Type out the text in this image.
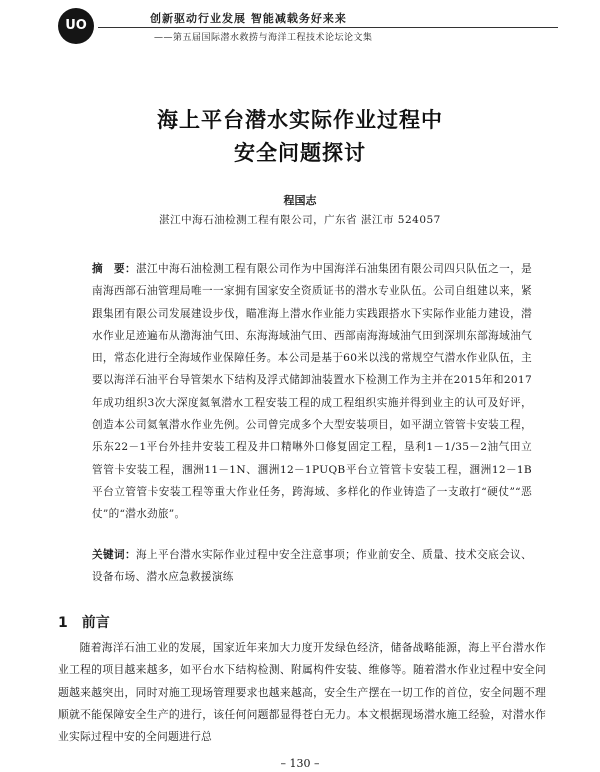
UO	创新驱动行业发展 智能减载务好来来
——第五届国际潜水救捞与海洋工程技术论坛论文集
海上平台潜水实际作业过程中
安全问题探讨
程国志
湛江中海石油检测工程有限公司，广东省 湛江市 524057
摘　要：湛江中海石油检测工程有限公司作为中国海洋石油集团有限公司四只队伍之一，是南海西部石油管理局唯一一家拥有国家安全资质证书的潜水专业队伍。公司自组建以来，紧跟集团有限公司发展建设步伐，瞄准海上潜水作业能力实践跟搭水下实际作业能力建设，潜水作业足迹遍布从渤海油气田、东海海域油气田、西部南海海域油气田到深圳东部海域油气田，常态化进行全海域作业保障任务。本公司是基于60米以浅的常规空气潜水作业队伍，主要以海洋石油平台导管架水下结构及浮式储卸油装置水下检测工作为主并在2015年和2017年成功组织3次大深度氦氧潜水工程安装工程的成工程组织实施并得到业主的认可及好评，创造本公司氦氧潜水作业先例。公司曾完成多个大型安装项目，如平湖立管管卡安装工程，乐东22－1平台外挂井安装工程及井口精啉外口修复固定工程，垦利1－1/35－2油气田立管管卡安装工程，涠洲11－1N、涠洲12－1PUQB平台立管管卡安装工程，涠洲12－1B平台立管管卡安装工程等重大作业任务，跨海域、多样化的作业铸造了一支敢打“硬仗”“恶仗”的“潜水劲旅”。
关键词：海上平台潜水实际作业过程中安全注意事项；作业前安全、质量、技术交底会议、设备布场、潜水应急救援演练
1 前言
随着海洋石油工业的发展，国家近年来加大力度开发绿色经济，储备战略能源，海上平台潜水作业工程的项目越来越多，如平台水下结构检测、附属构件安装、维修等。随着潜水作业过程中安全问题越来越突出，同时对施工现场管理要求也越来越高，安全生产摆在一切工作的首位，安全问题不理顺就不能保障安全生产的进行，该任何问题都显得苍白无力。本文根据现场潜水施工经验，对潜水作业实际过程中安的全问题进行总
– 130 –
